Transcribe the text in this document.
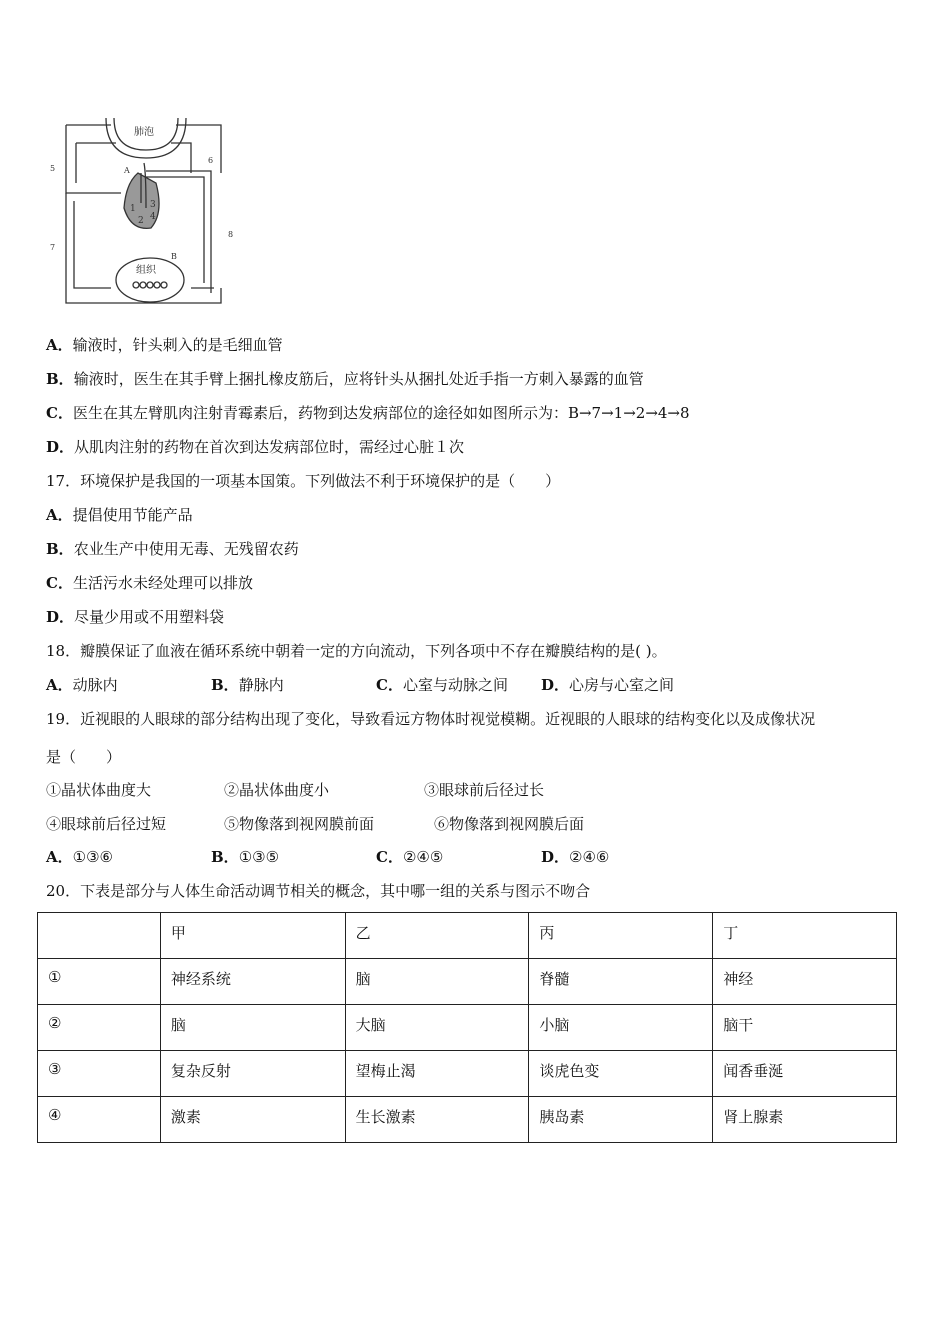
肺泡
组织
A
B
1
2
3
4
5
6
7
8
A．输液时，针头刺入的是毛细血管
B．输液时，医生在其手臂上捆扎橡皮筋后，应将针头从捆扎处近手指一方刺入暴露的血管
C．医生在其左臂肌肉注射青霉素后，药物到达发病部位的途径如如图所示为：B→7→1→2→4→8
D．从肌肉注射的药物在首次到达发病部位时，需经过心脏１次
17．环境保护是我国的一项基本国策。下列做法不利于环境保护的是（　　）
A．提倡使用节能产品
B．农业生产中使用无毒、无残留农药
C．生活污水未经处理可以排放
D．尽量少用或不用塑料袋
18．瓣膜保证了血液在循环系统中朝着一定的方向流动，下列各项中不存在瓣膜结构的是( )。
A．动脉内	B．静脉内	C．心室与动脉之间 D．心房与心室之间
19．近视眼的人眼球的部分结构出现了变化，导致看远方物体时视觉模糊。近视眼的人眼球的结构变化以及成像状况
是（　　）
①晶状体曲度大	②晶状体曲度小	③眼球前后径过长
④眼球前后径过短	⑤物像落到视网膜前面	⑥物像落到视网膜后面
A．①③⑥	B．①③⑤	C．②④⑤	D．②④⑥
20．下表是部分与人体生命活动调节相关的概念，其中哪一组的关系与图示不吻合
	甲	乙	丙	丁
①	神经系统	脑	脊髓	神经
②	脑	大脑	小脑	脑干
③	复杂反射	望梅止渴	谈虎色变	闻香垂涎
④	激素	生长激素	胰岛素	肾上腺素
